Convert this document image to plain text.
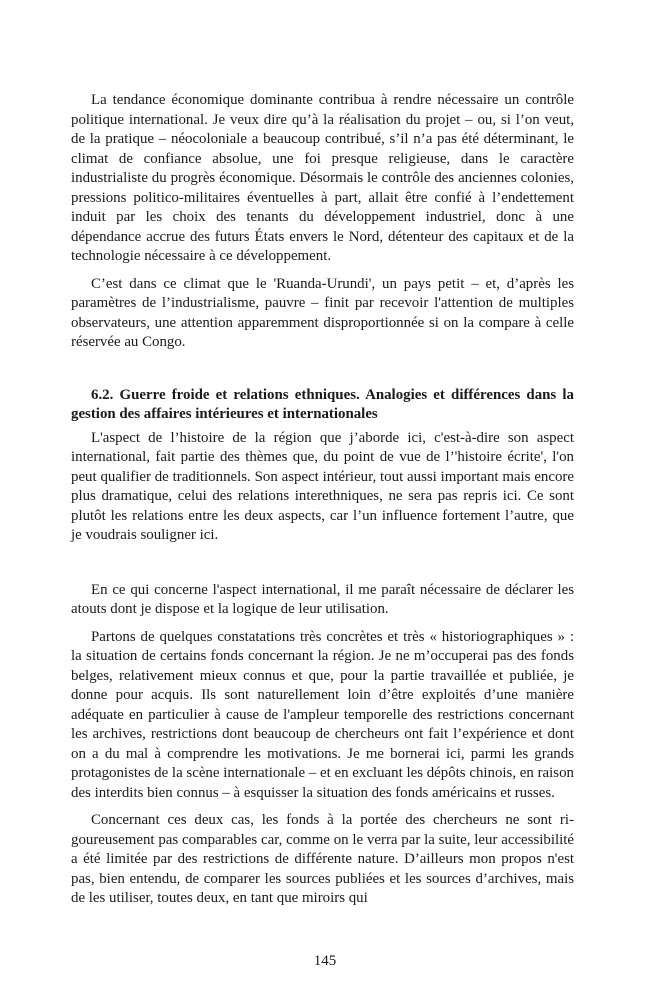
La tendance économique dominante contribua à rendre nécessaire un contrôle politique international. Je veux dire qu’à la réalisation du projet – ou, si l’on veut, de la pratique – néocoloniale a beaucoup contribué, s’il n’a pas été déterminant, le climat de confiance absolue, une foi presque religieuse, dans le caractère industrialiste du progrès économique. Désormais le contrôle des anciennes colonies, pressions politico-militaires éventuelles à part, allait être confié à l’endettement induit par les choix des tenants du développement industriel, donc à une dépendance accrue des futurs États envers le Nord, détenteur des capitaux et de la technologie nécessaire à ce développement.

C’est dans ce climat que le 'Ruanda-Urundi', un pays petit – et, d’après les paramètres de l’industrialisme, pauvre – finit par recevoir l'attention de multiples observateurs, une attention apparemment disproportionnée si on la compare à celle réservée au Congo.

6.2. Guerre froide et relations ethniques. Analogies et différences dans la gestion des affaires intérieures et internationales

L'aspect de l’histoire de la région que j’aborde ici, c'est-à-dire son aspect international, fait partie des thèmes que, du point de vue de l’'histoire écrite', l'on peut qualifier de traditionnels. Son aspect intérieur, tout aussi important mais encore plus dramatique, celui des relations interethniques, ne sera pas repris ici. Ce sont plutôt les relations entre les deux aspects, car l’un influence fortement l’autre, que je voudrais souligner ici.

En ce qui concerne l'aspect international, il me paraît nécessaire de déclarer les atouts dont je dispose et la logique de leur utilisation.

Partons de quelques constatations très concrètes et très « historiographiques » : la situation de certains fonds concernant la région. Je ne m’occuperai pas des fonds belges, relativement mieux connus et que, pour la partie travaillée et publiée, je donne pour acquis. Ils sont naturellement loin d’être exploités d’une manière adéquate en particulier à cause de l'ampleur temporelle des restrictions concernant les archives, restrictions dont beaucoup de chercheurs ont fait l’expérience et dont on a du mal à comprendre les motivations. Je me bornerai ici, parmi les grands protagonistes de la scène internationale – et en excluant les dépôts chinois, en raison des interdits bien connus – à esquisser la situation des fonds américains et russes.

Concernant ces deux cas, les fonds à la portée des chercheurs ne sont rigoureusement pas comparables car, comme on le verra par la suite, leur accessibilité a été limitée par des restrictions de différente nature. D’ailleurs mon propos n'est pas, bien entendu, de comparer les sources publiées et les sources d’archives, mais de les utiliser, toutes deux, en tant que miroirs qui

145
